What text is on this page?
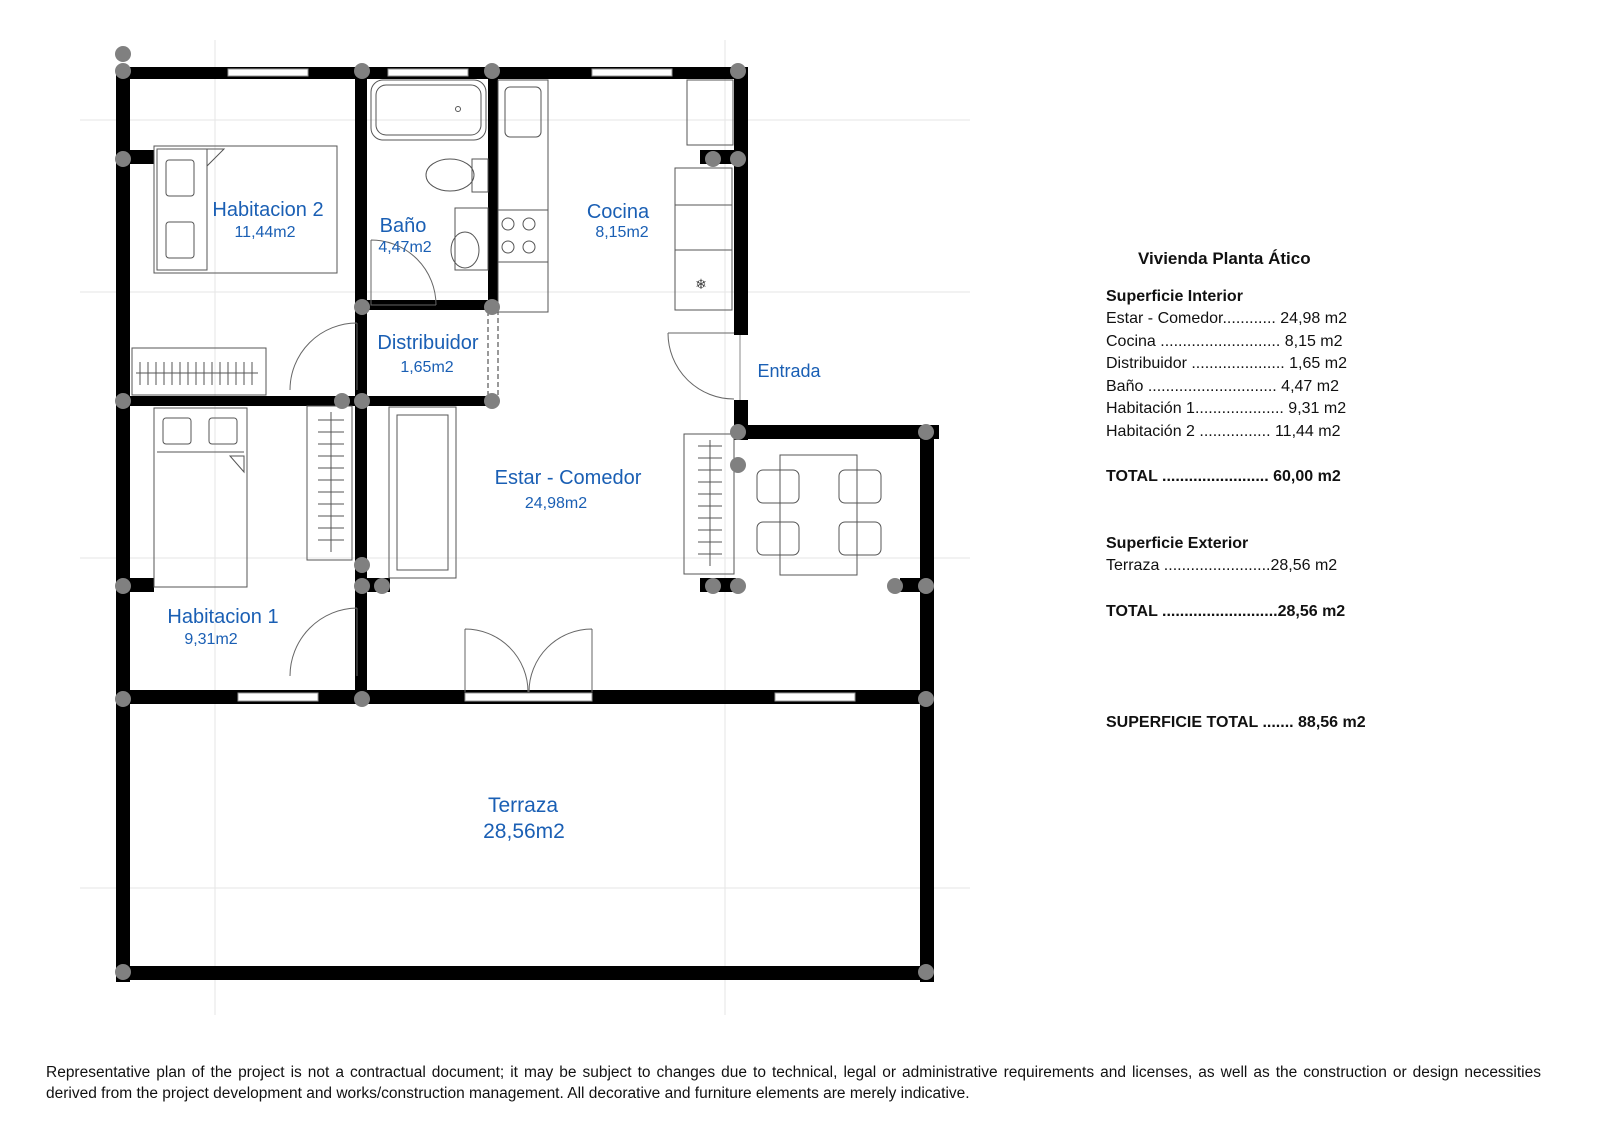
❄
Habitacion 2
11,44m2	Baño
4,47m2
Cocina
8,15m2
Distribuidor
1,65m2	Entrada
Estar - Comedor
24,98m2
Habitacion 1
9,31m2
Terraza
28,56m2
Vivienda Planta Ático
Superficie Interior
Estar - Comedor............ 24,98 m2
Cocina ........................... 8,15 m2
Distribuidor ..................... 1,65 m2
Baño ............................. 4,47 m2
Habitación 1.................... 9,31 m2
Habitación 2 ................ 11,44 m2
TOTAL ........................ 60,00 m2
Superficie Exterior
Terraza ........................28,56 m2
TOTAL ..........................28,56 m2
SUPERFICIE TOTAL ....... 88,56 m2
Representative plan of the project is not a contractual document; it may be subject to changes due to technical, legal or administrative requirements and licenses, as well as the construction or design necessities derived from the project development and works/construction management. All decorative and furniture elements are merely indicative.
